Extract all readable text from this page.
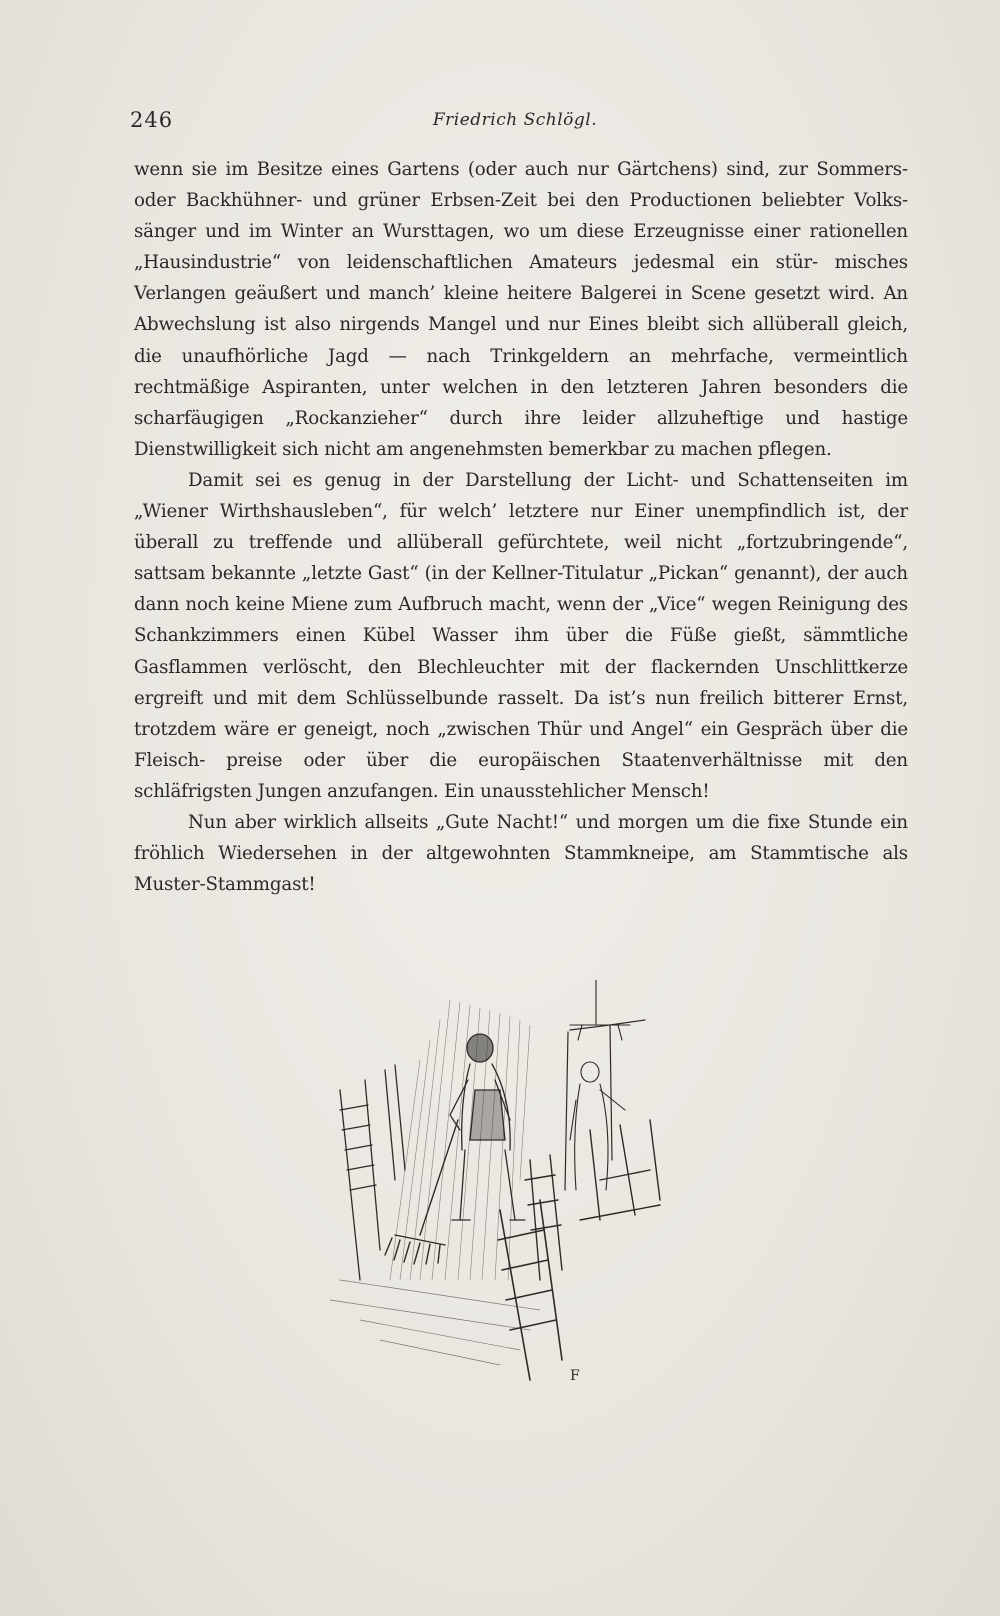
246	Friedrich Schlögl.

wenn sie im Besitze eines Gartens (oder auch nur Gärtchens) sind, zur Sommers- oder Backhühner- und grüner Erbsen-Zeit bei den Productionen beliebter Volks- sänger und im Winter an Wursttagen, wo um diese Erzeugnisse einer rationellen „Hausindustrie“ von leidenschaftlichen Amateurs jedesmal ein stür- misches Verlangen geäußert und manch’ kleine heitere Balgerei in Scene gesetzt wird. An Abwechslung ist also nirgends Mangel und nur Eines bleibt sich allüberall gleich, die unaufhörliche Jagd — nach Trinkgeldern an mehrfache, vermeintlich rechtmäßige Aspiranten, unter welchen in den letzteren Jahren besonders die scharfäugigen „Rockanzieher“ durch ihre leider allzuheftige und hastige Dienstwilligkeit sich nicht am angenehmsten bemerkbar zu machen pflegen.

Damit sei es genug in der Darstellung der Licht- und Schattenseiten im „Wiener Wirthshausleben“, für welch’ letztere nur Einer unempfindlich ist, der überall zu treffende und allüberall gefürchtete, weil nicht „fortzubringende“, sattsam bekannte „letzte Gast“ (in der Kellner-Titulatur „Pickan“ genannt), der auch dann noch keine Miene zum Aufbruch macht, wenn der „Vice“ wegen Reinigung des Schankzimmers einen Kübel Wasser ihm über die Füße gießt, sämmtliche Gasflammen verlöscht, den Blechleuchter mit der flackernden Unschlittkerze ergreift und mit dem Schlüsselbunde rasselt. Da ist’s nun freilich bitterer Ernst, trotzdem wäre er geneigt, noch „zwischen Thür und Angel“ ein Gespräch über die Fleisch- preise oder über die europäischen Staatenverhältnisse mit den schläfrigsten Jungen anzufangen. Ein unausstehlicher Mensch!

Nun aber wirklich allseits „Gute Nacht!“ und morgen um die fixe Stunde ein fröhlich Wiedersehen in der altgewohnten Stammkneipe, am Stammtische als Muster-Stammgast!

F
